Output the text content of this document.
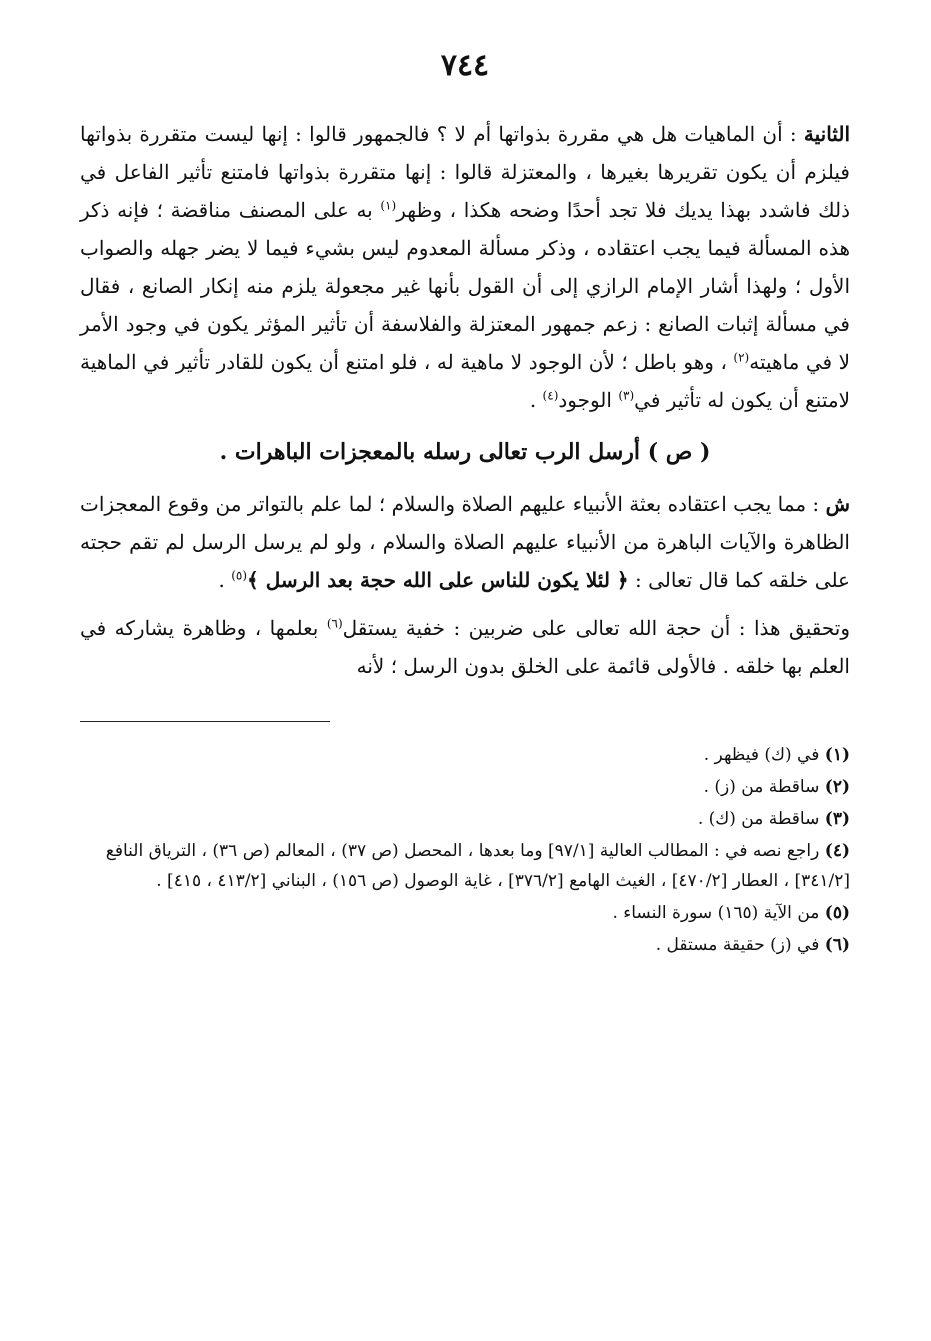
٧٤٤

الثانية : أن الماهيات هل هي مقررة بذواتها أم لا ؟ فالجمهور قالوا : إنها ليست متقررة بذواتها فيلزم أن يكون تقريرها بغيرها ، والمعتزلة قالوا : إنها متقررة بذواتها فامتنع تأثير الفاعل في ذلك فاشدد بهذا يديك فلا تجد أحدًا وضحه هكذا ، وظهر$^{(١)}$ به على المصنف مناقضة ؛ فإنه ذكر هذه المسألة فيما يجب اعتقاده ، وذكر مسألة المعدوم ليس بشيء فيما لا يضر جهله والصواب الأول ؛ ولهذا أشار الإمام الرازي إلى أن القول بأنها غير مجعولة يلزم منه إنكار الصانع ، فقال في مسألة إثبات الصانع : زعم جمهور المعتزلة والفلاسفة أن تأثير المؤثر يكون في وجود الأمر لا في ماهيته$^{(٢)}$ ، وهو باطل ؛ لأن الوجود لا ماهية له ، فلو امتنع أن يكون للقادر تأثير في الماهية لامتنع أن يكون له تأثير في$^{(٣)}$ الوجود$^{(٤)}$ .

( ص ) أرسل الرب تعالى رسله بالمعجزات الباهرات .

ش : مما يجب اعتقاده بعثة الأنبياء عليهم الصلاة والسلام ؛ لما علم بالتواتر من وقوع المعجزات الظاهرة والآيات الباهرة من الأنبياء عليهم الصلاة والسلام ، ولو لم يرسل الرسل لم تقم حجته على خلقه كما قال تعالى : ﴿ لئلا يكون للناس على الله حجة بعد الرسل ﴾$^{(٥)}$ .

وتحقيق هذا : أن حجة الله تعالى على ضربين : خفية يستقل$^{(٦)}$ بعلمها ، وظاهرة يشاركه في العلم بها خلقه . فالأولى قائمة على الخلق بدون الرسل ؛ لأنه

(١) في (ك) فيظهر .
(٢) ساقطة من (ز) .
(٣) ساقطة من (ك) .
(٤) راجع نصه في : المطالب العالية [٩٧/١] وما بعدها ، المحصل (ص ٣٧) ، المعالم (ص ٣٦) ، الترياق النافع [٣٤١/٢] ، العطار [٤٧٠/٢] ، الغيث الهامع [٣٧٦/٢] ، غاية الوصول (ص ١٥٦) ، البناني [٤١٣/٢ ، ٤١٥] .
(٥) من الآية (١٦٥) سورة النساء .
(٦) في (ز) حقيقة مستقل .
